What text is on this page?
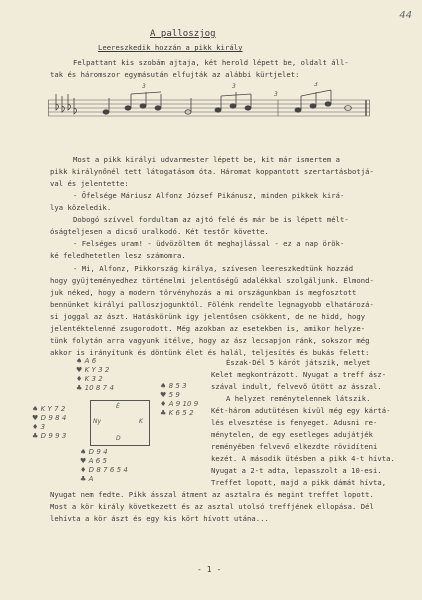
44
A palloszjog
Leereszkedik hozzán a pikk király
Felpattant kis szobám ajtaja, két herold lépett be, oldalt áll-
tak és háromszor egymásután elfujták az alábbi kürtjelet:
3	3
3
3
Most a pikk királyi udvarmester lépett be, kit már ismertem a
pikk királynőnél tett látogatásom óta. Háromat koppantott szertartásbotjá-
val és jelentette:
- Őfelsége Máriusz Alfonz József Pikánusz, minden pikkek kirá-
lya közeledik.
Dobogó szívvel fordultam az ajtó felé és már be is lépett mélt-
óságteljesen a dicső uralkodó. Két testőr követte.
- Felséges uram! - üdvözöltem őt meghajlással - ez a nap örök-
ké feledhetetlen lesz számomra.
- Mi, Alfonz, Pikkország királya, szívesen leereszkedtünk hozzád
hogy gyüjteményedhez történelmi jelentőségű adalékkal szolgáljunk. Elmond-
juk néked, hogy a modern törvényhozás a mi országunkban is megfosztott
bennünket királyi palloszjogunktól. Fölénk rendelte legnagyobb elhatározá-
si joggal az ászt. Hatáskörünk igy jelentősen csökkent, de ne hidd, hogy
jelentéktelenné zsugorodott. Még azokban az esetekben is, amikor helyze-
tünk folytán arra vagyunk itélve, hogy az ász lecsapjon ránk, sokszor még
akkor is irányítunk és döntünk élet és halál, teljesítés és bukás felett:
♠ A 6
♥ K Y 3 2
♦ K 3 2
♣ 10 8 7 4
♠ K Y 7 2
♥ D 9 8 4
♦ 3
♣ D 9 9 3
É
Ny	K
D
♠ 8 5 3
♥ 5 9
♦ A 9 10 9
♣ K 6 5 2
♠ D 9 4
♥ A 6 5
♦ D 8 7 6 5 4
♣ A
Észak-Dél 5 kárót játszik, melyet
Kelet megkontrázott. Nyugat a treff ász-
szával indult, felvevő ütött az ásszal.
A helyzet reménytelennek látszik.
Két-három adutütésen kívül még egy kártá-
lés elvesztése is fenyeget. Adusni re-
ménytelen, de egy esetleges adujátjék
reményében felvevő elkezdte rövidíteni
kezét. A második ütésben a pikk 4-t hívta.
Nyugat a 2-t adta, lepasszolt a 10-esi.
Treffet lopott, majd a pikk dámát hívta,
Nyugat nem fedte. Pikk ásszal átment az asztalra és megint treffet lopott.
Most a kör király következett és az asztal utolsó treffjének ellopása. Dél
lehívta a kör ászt és egy kis kört hívott utána...
- 1 -
